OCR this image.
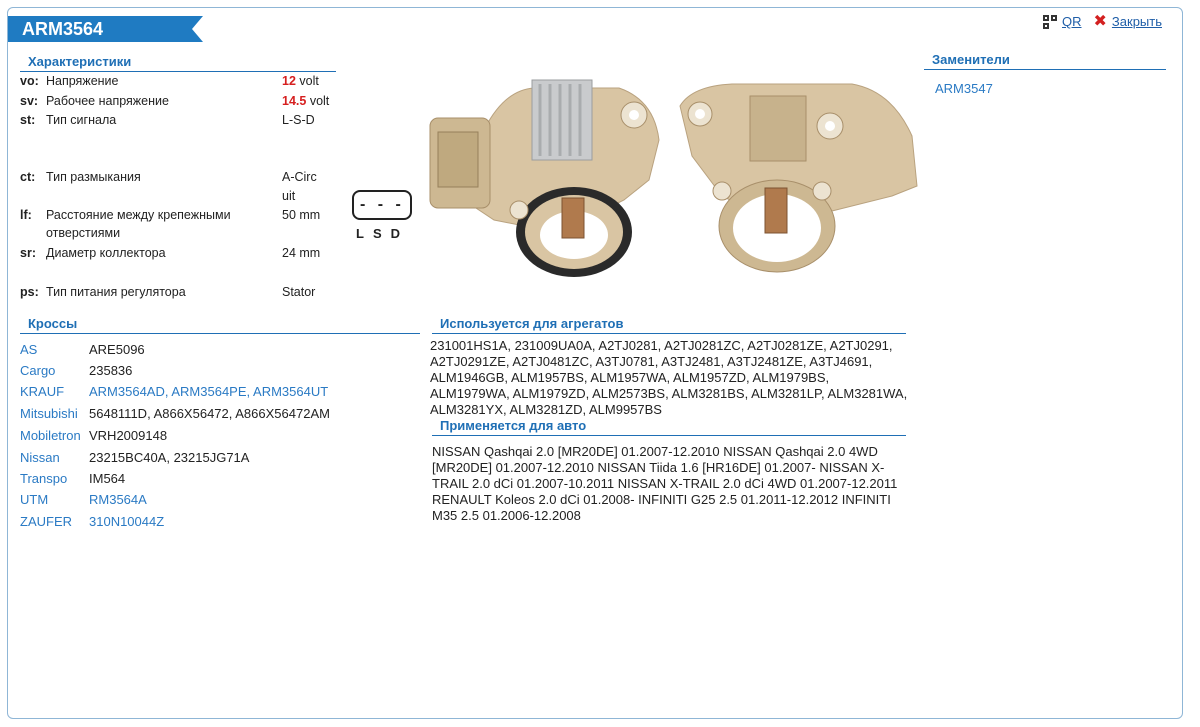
ARM3564	QR ✖ Закрыть
Характеристики
vo: Напряжение	12 volt
sv: Рабочее напряжение	14.5 volt
st: Тип сигнала	L-S-D
ct: Тип размыкания	A-Circuit
lf: Расстояние между крепежными отверстиями
50 mm
sr: Диаметр коллектора	24 mm
ps: Тип питания регулятора	Stator
- - -
LSD
Кроссы
AS	ARE5096
Cargo	235836
KRAUF	ARM3564AD, ARM3564PE, ARM3564UT
Mitsubishi 5648111D, A866X56472, A866X56472AM
Mobiletron VRH2009148
Nissan	23215BC40A, 23215JG71A
Transpo	IM564
UTM	RM3564A
ZAUFER	310N10044Z
Используется для агрегатов
231001HS1A, 231009UA0A, A2TJ0281, A2TJ0281ZC, A2TJ0281ZE, A2TJ0291, A2TJ0291ZE, A2TJ0481ZC, A3TJ0781, A3TJ2481, A3TJ2481ZE, A3TJ4691, ALM1946GB, ALM1957BS, ALM1957WA, ALM1957ZD, ALM1979BS, ALM1979WA, ALM1979ZD, ALM2573BS, ALM3281BS, ALM3281LP, ALM3281WA, ALM3281YX, ALM3281ZD, ALM9957BS
Применяется для авто
NISSAN Qashqai 2.0 [MR20DE] 01.2007-12.2010 NISSAN Qashqai 2.0 4WD [MR20DE] 01.2007-12.2010 NISSAN Tiida 1.6 [HR16DE] 01.2007- NISSAN X-TRAIL 2.0 dCi 01.2007-10.2011 NISSAN X-TRAIL 2.0 dCi 4WD 01.2007-12.2011 RENAULT Koleos 2.0 dCi 01.2008- INFINITI G25 2.5 01.2011-12.2012 INFINITI M35 2.5 01.2006-12.2008
Заменители
ARM3547
